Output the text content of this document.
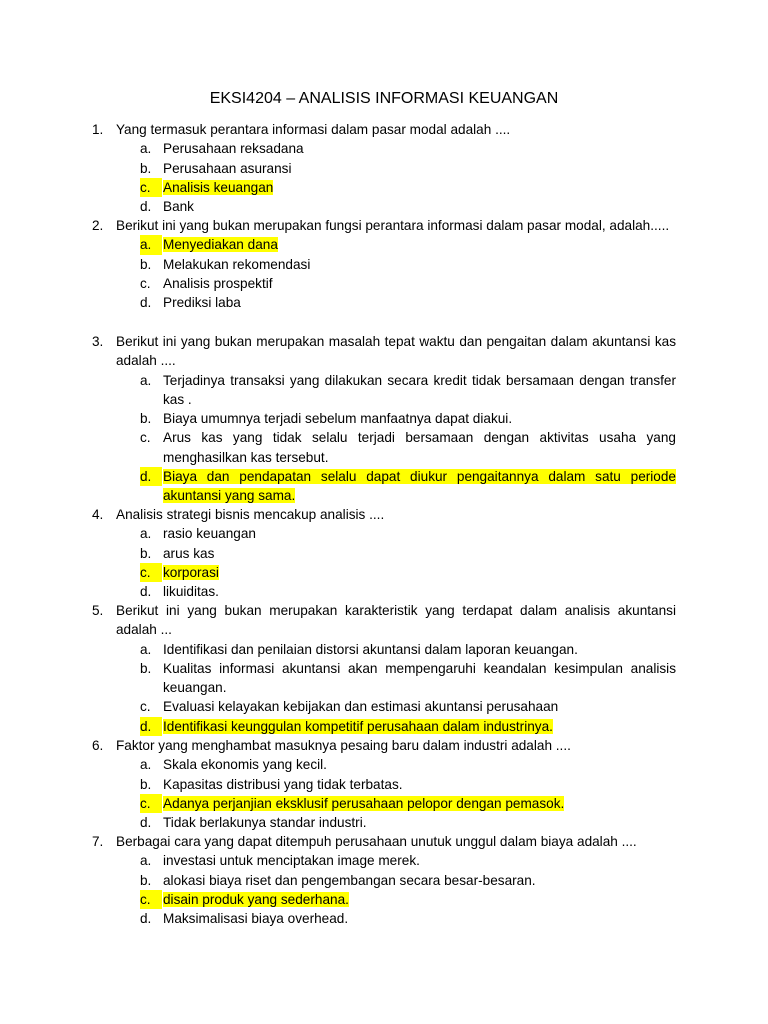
EKSI4204 – ANALISIS INFORMASI KEUANGAN
1. Yang termasuk perantara informasi dalam pasar modal adalah ....
a. Perusahaan reksadana
b. Perusahaan asuransi
c. Analisis keuangan
d. Bank
2. Berikut ini yang bukan merupakan fungsi perantara informasi dalam pasar modal, adalah.....
a. Menyediakan dana
b. Melakukan rekomendasi
c. Analisis prospektif
d. Prediksi laba
3. Berikut ini yang bukan merupakan masalah tepat waktu dan pengaitan dalam akuntansi kas adalah ....
a. Terjadinya transaksi yang dilakukan secara kredit tidak bersamaan dengan transfer kas .
b. Biaya umumnya terjadi sebelum manfaatnya dapat diakui.
c. Arus kas yang tidak selalu terjadi bersamaan dengan aktivitas usaha yang menghasilkan kas tersebut.
d. Biaya dan pendapatan selalu dapat diukur pengaitannya dalam satu periode akuntansi yang sama.
4. Analisis strategi bisnis mencakup analisis ....
a. rasio keuangan
b. arus kas
c. korporasi
d. likuiditas.
5. Berikut ini yang bukan merupakan karakteristik yang terdapat dalam analisis akuntansi adalah ...
a. Identifikasi dan penilaian distorsi akuntansi dalam laporan keuangan.
b. Kualitas informasi akuntansi akan mempengaruhi keandalan kesimpulan analisis keuangan.
c. Evaluasi kelayakan kebijakan dan estimasi akuntansi perusahaan
d. Identifikasi keunggulan kompetitif perusahaan dalam industrinya.
6. Faktor yang menghambat masuknya pesaing baru dalam industri adalah ....
a. Skala ekonomis yang kecil.
b. Kapasitas distribusi yang tidak terbatas.
c. Adanya perjanjian eksklusif perusahaan pelopor dengan pemasok.
d. Tidak berlakunya standar industri.
7. Berbagai cara yang dapat ditempuh perusahaan unutuk unggul dalam biaya adalah ....
a. investasi untuk menciptakan image merek.
b. alokasi biaya riset dan pengembangan secara besar-besaran.
c. disain produk yang sederhana.
d. Maksimalisasi biaya overhead.
